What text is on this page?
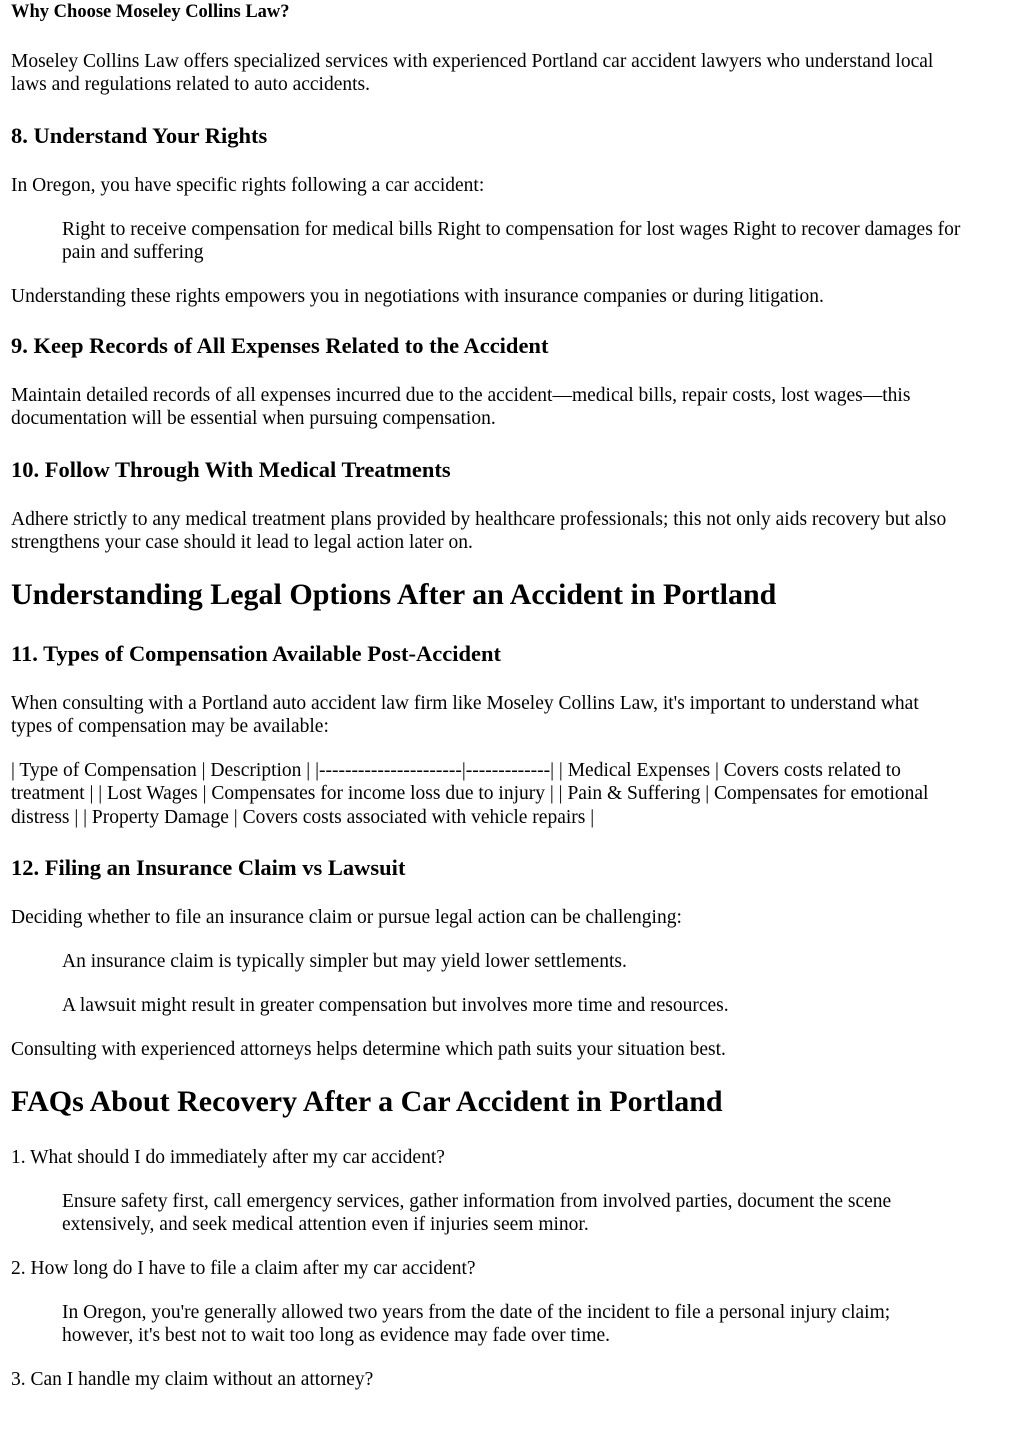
Why Choose Moseley Collins Law?

Moseley Collins Law offers specialized services with experienced Portland car accident lawyers who understand local

laws and regulations related to auto accidents.

8. Understand Your Rights

In Oregon, you have specific rights following a car accident:

Right to receive compensation for medical bills Right to compensation for lost wages Right to recover damages for

pain and suffering

Understanding these rights empowers you in negotiations with insurance companies or during litigation.

9. Keep Records of All Expenses Related to the Accident

Maintain detailed records of all expenses incurred due to the accident—medical bills, repair costs, lost wages—this

documentation will be essential when pursuing compensation.

10. Follow Through With Medical Treatments

Adhere strictly to any medical treatment plans provided by healthcare professionals; this not only aids recovery but also

strengthens your case should it lead to legal action later on.

Understanding Legal Options After an Accident in Portland
11. Types of Compensation Available Post-Accident

When consulting with a Portland auto accident law firm like Moseley Collins Law, it's important to understand what

types of compensation may be available:

| Type of Compensation | Description | |----------------------|-------------| | Medical Expenses | Covers costs related to

treatment | | Lost Wages | Compensates for income loss due to injury | | Pain & Suffering | Compensates for emotional

distress | | Property Damage | Covers costs associated with vehicle repairs |

12. Filing an Insurance Claim vs Lawsuit

Deciding whether to file an insurance claim or pursue legal action can be challenging:

An insurance claim is typically simpler but may yield lower settlements.

A lawsuit might result in greater compensation but involves more time and resources.

Consulting with experienced attorneys helps determine which path suits your situation best.

FAQs About Recovery After a Car Accident in Portland

1. What should I do immediately after my car accident?

Ensure safety first, call emergency services, gather information from involved parties, document the scene

extensively, and seek medical attention even if injuries seem minor.

2. How long do I have to file a claim after my car accident?

In Oregon, you're generally allowed two years from the date of the incident to file a personal injury claim;

however, it's best not to wait too long as evidence may fade over time.

3. Can I handle my claim without an attorney?
